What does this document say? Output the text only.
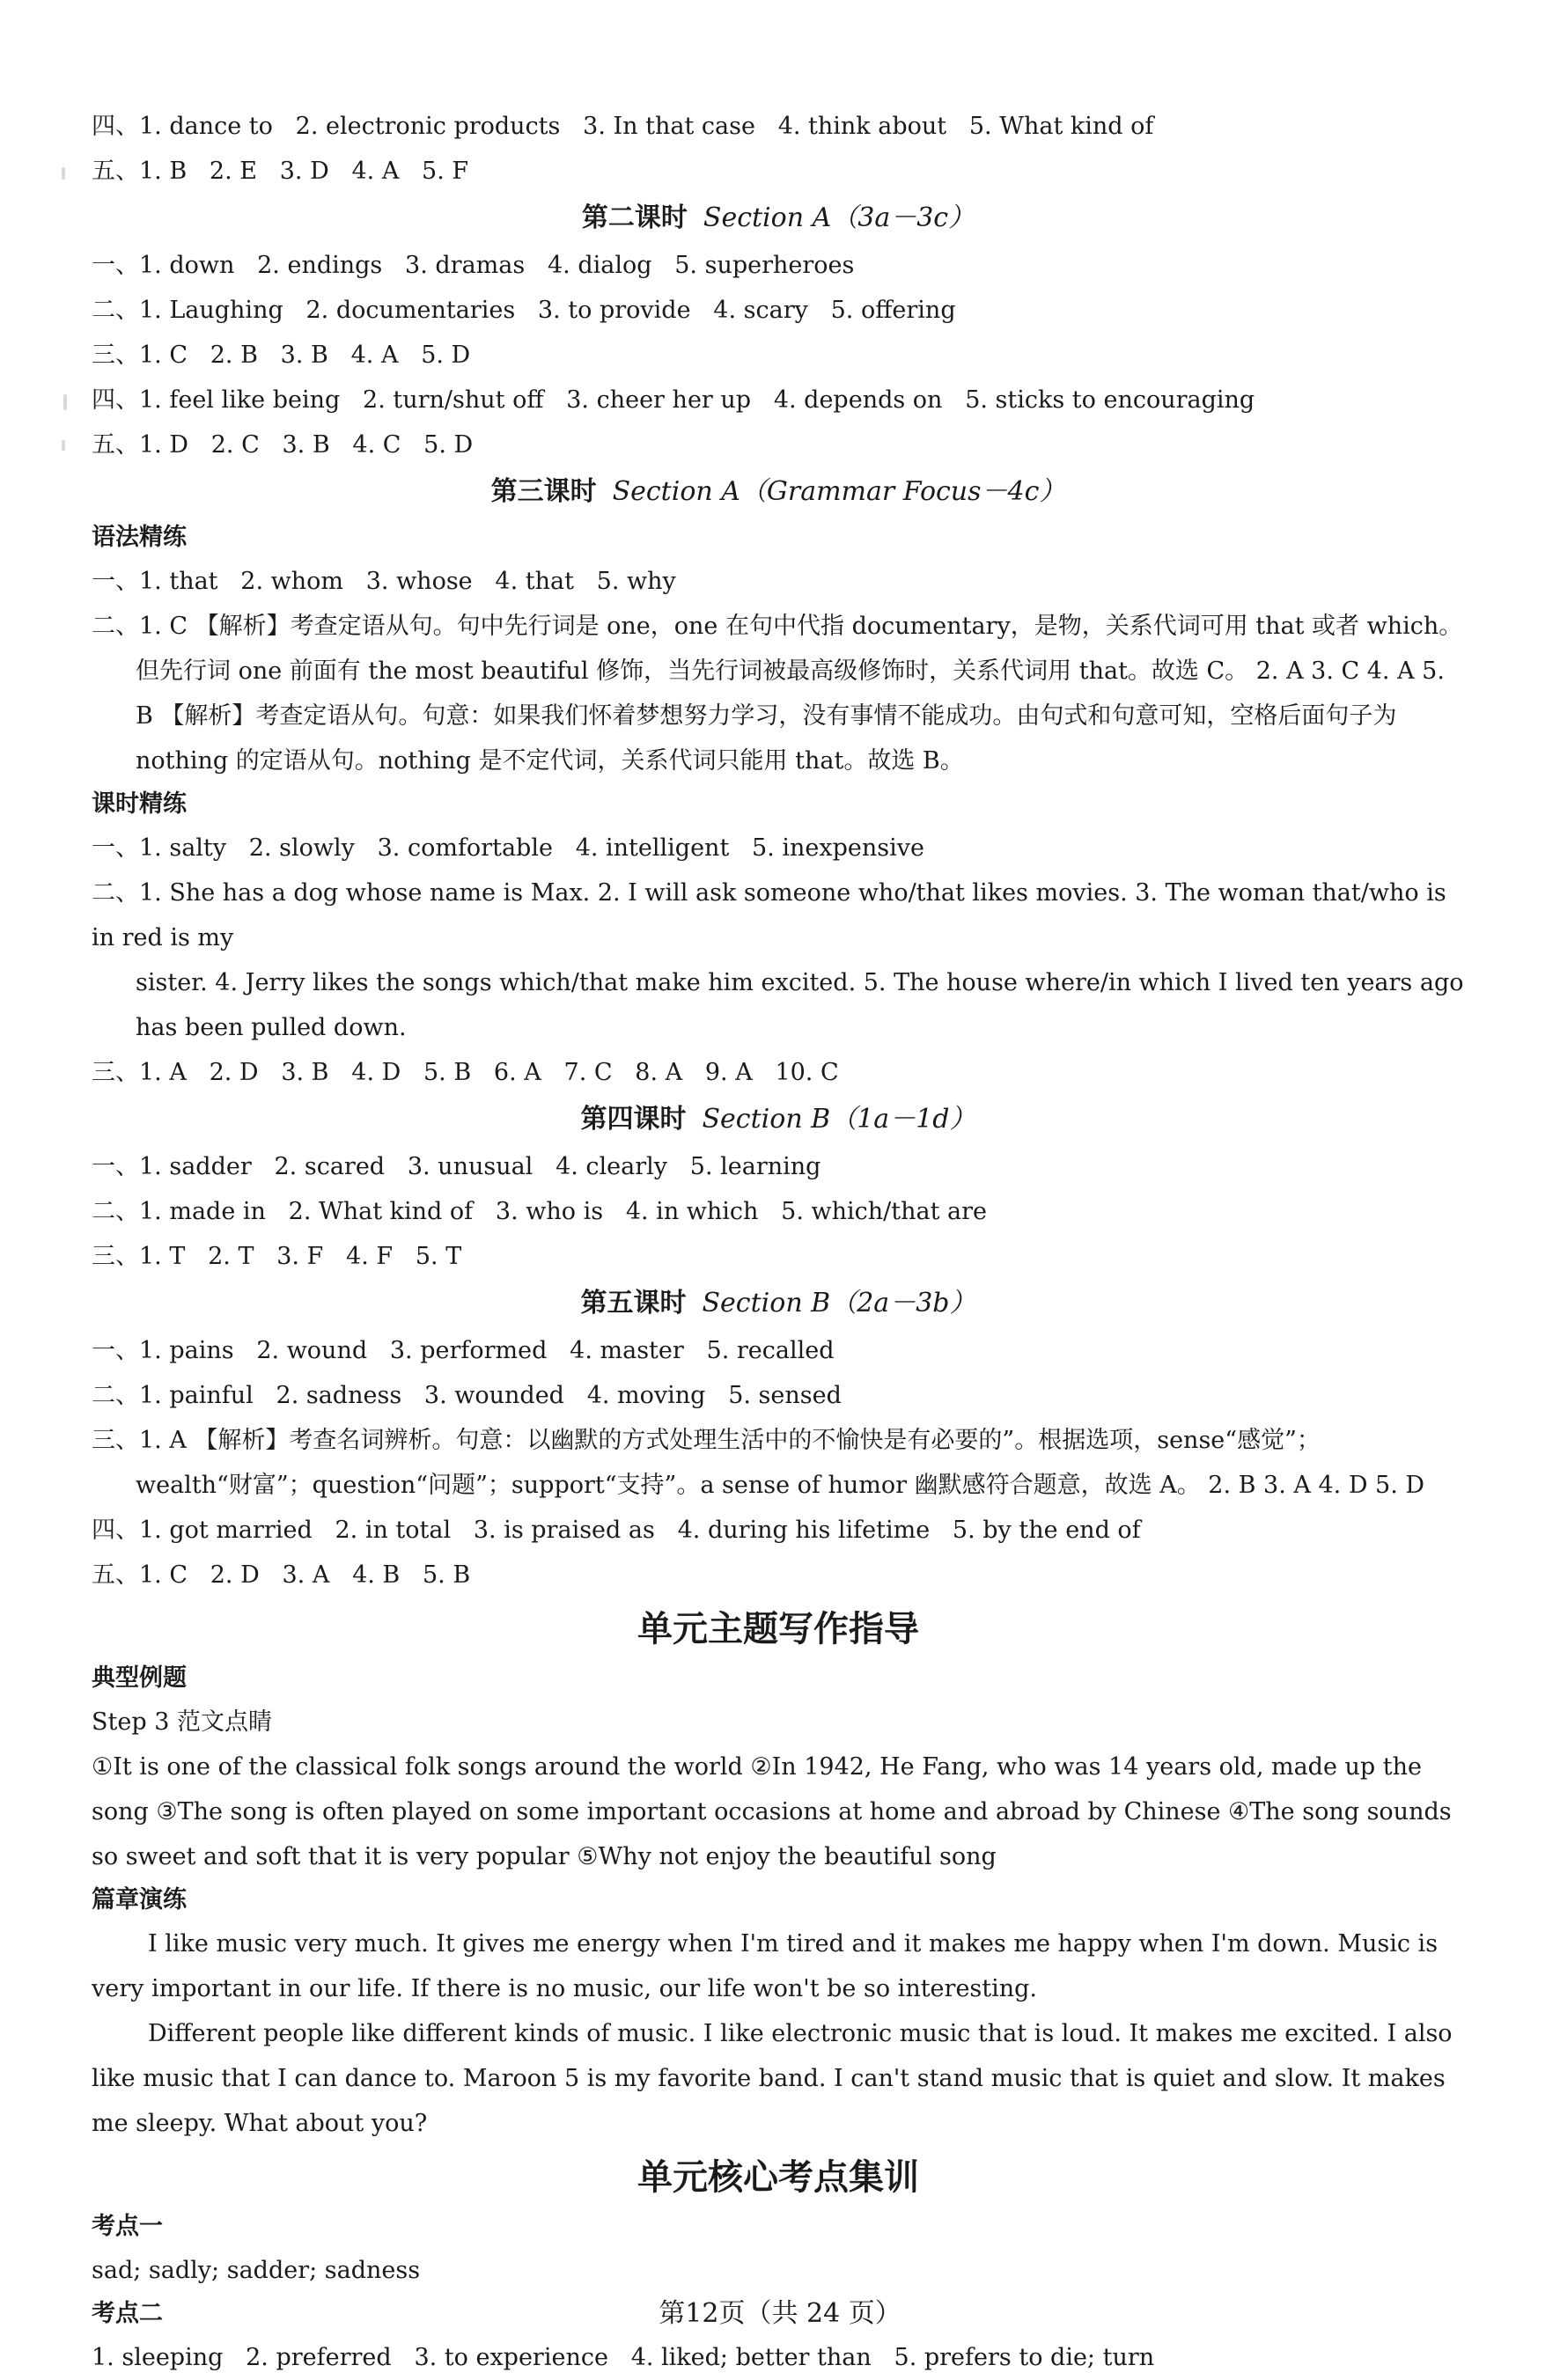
四、1. dance to   2. electronic products   3. In that case   4. think about   5. What kind of
五、1. B   2. E   3. D   4. A   5. F
第二课时 Section A（3a－3c）
一、1. down   2. endings   3. dramas   4. dialog   5. superheroes
二、1. Laughing   2. documentaries   3. to provide   4. scary   5. offering
三、1. C   2. B   3. B   4. A   5. D
四、1. feel like being   2. turn/shut off   3. cheer her up   4. depends on   5. sticks to encouraging
五、1. D   2. C   3. B   4. C   5. D
第三课时 Section A（Grammar Focus－4c）
语法精练
一、1. that   2. whom   3. whose   4. that   5. why
二、1. C 【解析】考查定语从句。句中先行词是 one，one 在句中代指 documentary，是物，关系代词可用 that 或者 which。
但先行词 one 前面有 the most beautiful 修饰，当先行词被最高级修饰时，关系代词用 that。故选 C。 2. A 3. C 4. A 5. B 【解析】考查定语从句。句意：如果我们怀着梦想努力学习，没有事情不能成功。由句式和句意可知，空格后面句子为 nothing 的定语从句。nothing 是不定代词，关系代词只能用 that。故选 B。
课时精练
一、1. salty   2. slowly   3. comfortable   4. intelligent   5. inexpensive
二、1. She has a dog whose name is Max. 2. I will ask someone who/that likes movies. 3. The woman that/who is in red is my
sister. 4. Jerry likes the songs which/that make him excited. 5. The house where/in which I lived ten years ago has been pulled down.
三、1. A   2. D   3. B   4. D   5. B   6. A   7. C   8. A   9. A   10. C
第四课时 Section B（1a－1d）
一、1. sadder   2. scared   3. unusual   4. clearly   5. learning
二、1. made in   2. What kind of   3. who is   4. in which   5. which/that are
三、1. T   2. T   3. F   4. F   5. T
第五课时 Section B（2a－3b）
一、1. pains   2. wound   3. performed   4. master   5. recalled
二、1. painful   2. sadness   3. wounded   4. moving   5. sensed
三、1. A 【解析】考查名词辨析。句意：以幽默的方式处理生活中的不愉快是有必要的”。根据选项，sense“感觉”；
wealth“财富”；question“问题”；support“支持”。a sense of humor 幽默感符合题意，故选 A。 2. B 3. A 4. D 5. D
四、1. got married   2. in total   3. is praised as   4. during his lifetime   5. by the end of
五、1. C   2. D   3. A   4. B   5. B
单元主题写作指导
典型例题
Step 3 范文点睛
①It is one of the classical folk songs around the world ②In 1942, He Fang, who was 14 years old, made up the song ③The song is often played on some important occasions at home and abroad by Chinese ④The song sounds so sweet and soft that it is very popular ⑤Why not enjoy the beautiful song
篇章演练
I like music very much. It gives me energy when I'm tired and it makes me happy when I'm down. Music is very important in our life. If there is no music, our life won't be so interesting.
Different people like different kinds of music. I like electronic music that is loud. It makes me excited. I also like music that I can dance to. Maroon 5 is my favorite band. I can't stand music that is quiet and slow. It makes me sleepy. What about you?
单元核心考点集训
考点一
sad; sadly; sadder; sadness
考点二
1. sleeping   2. preferred   3. to experience   4. liked; better than   5. prefers to die; turn
第12页（共 24 页）
